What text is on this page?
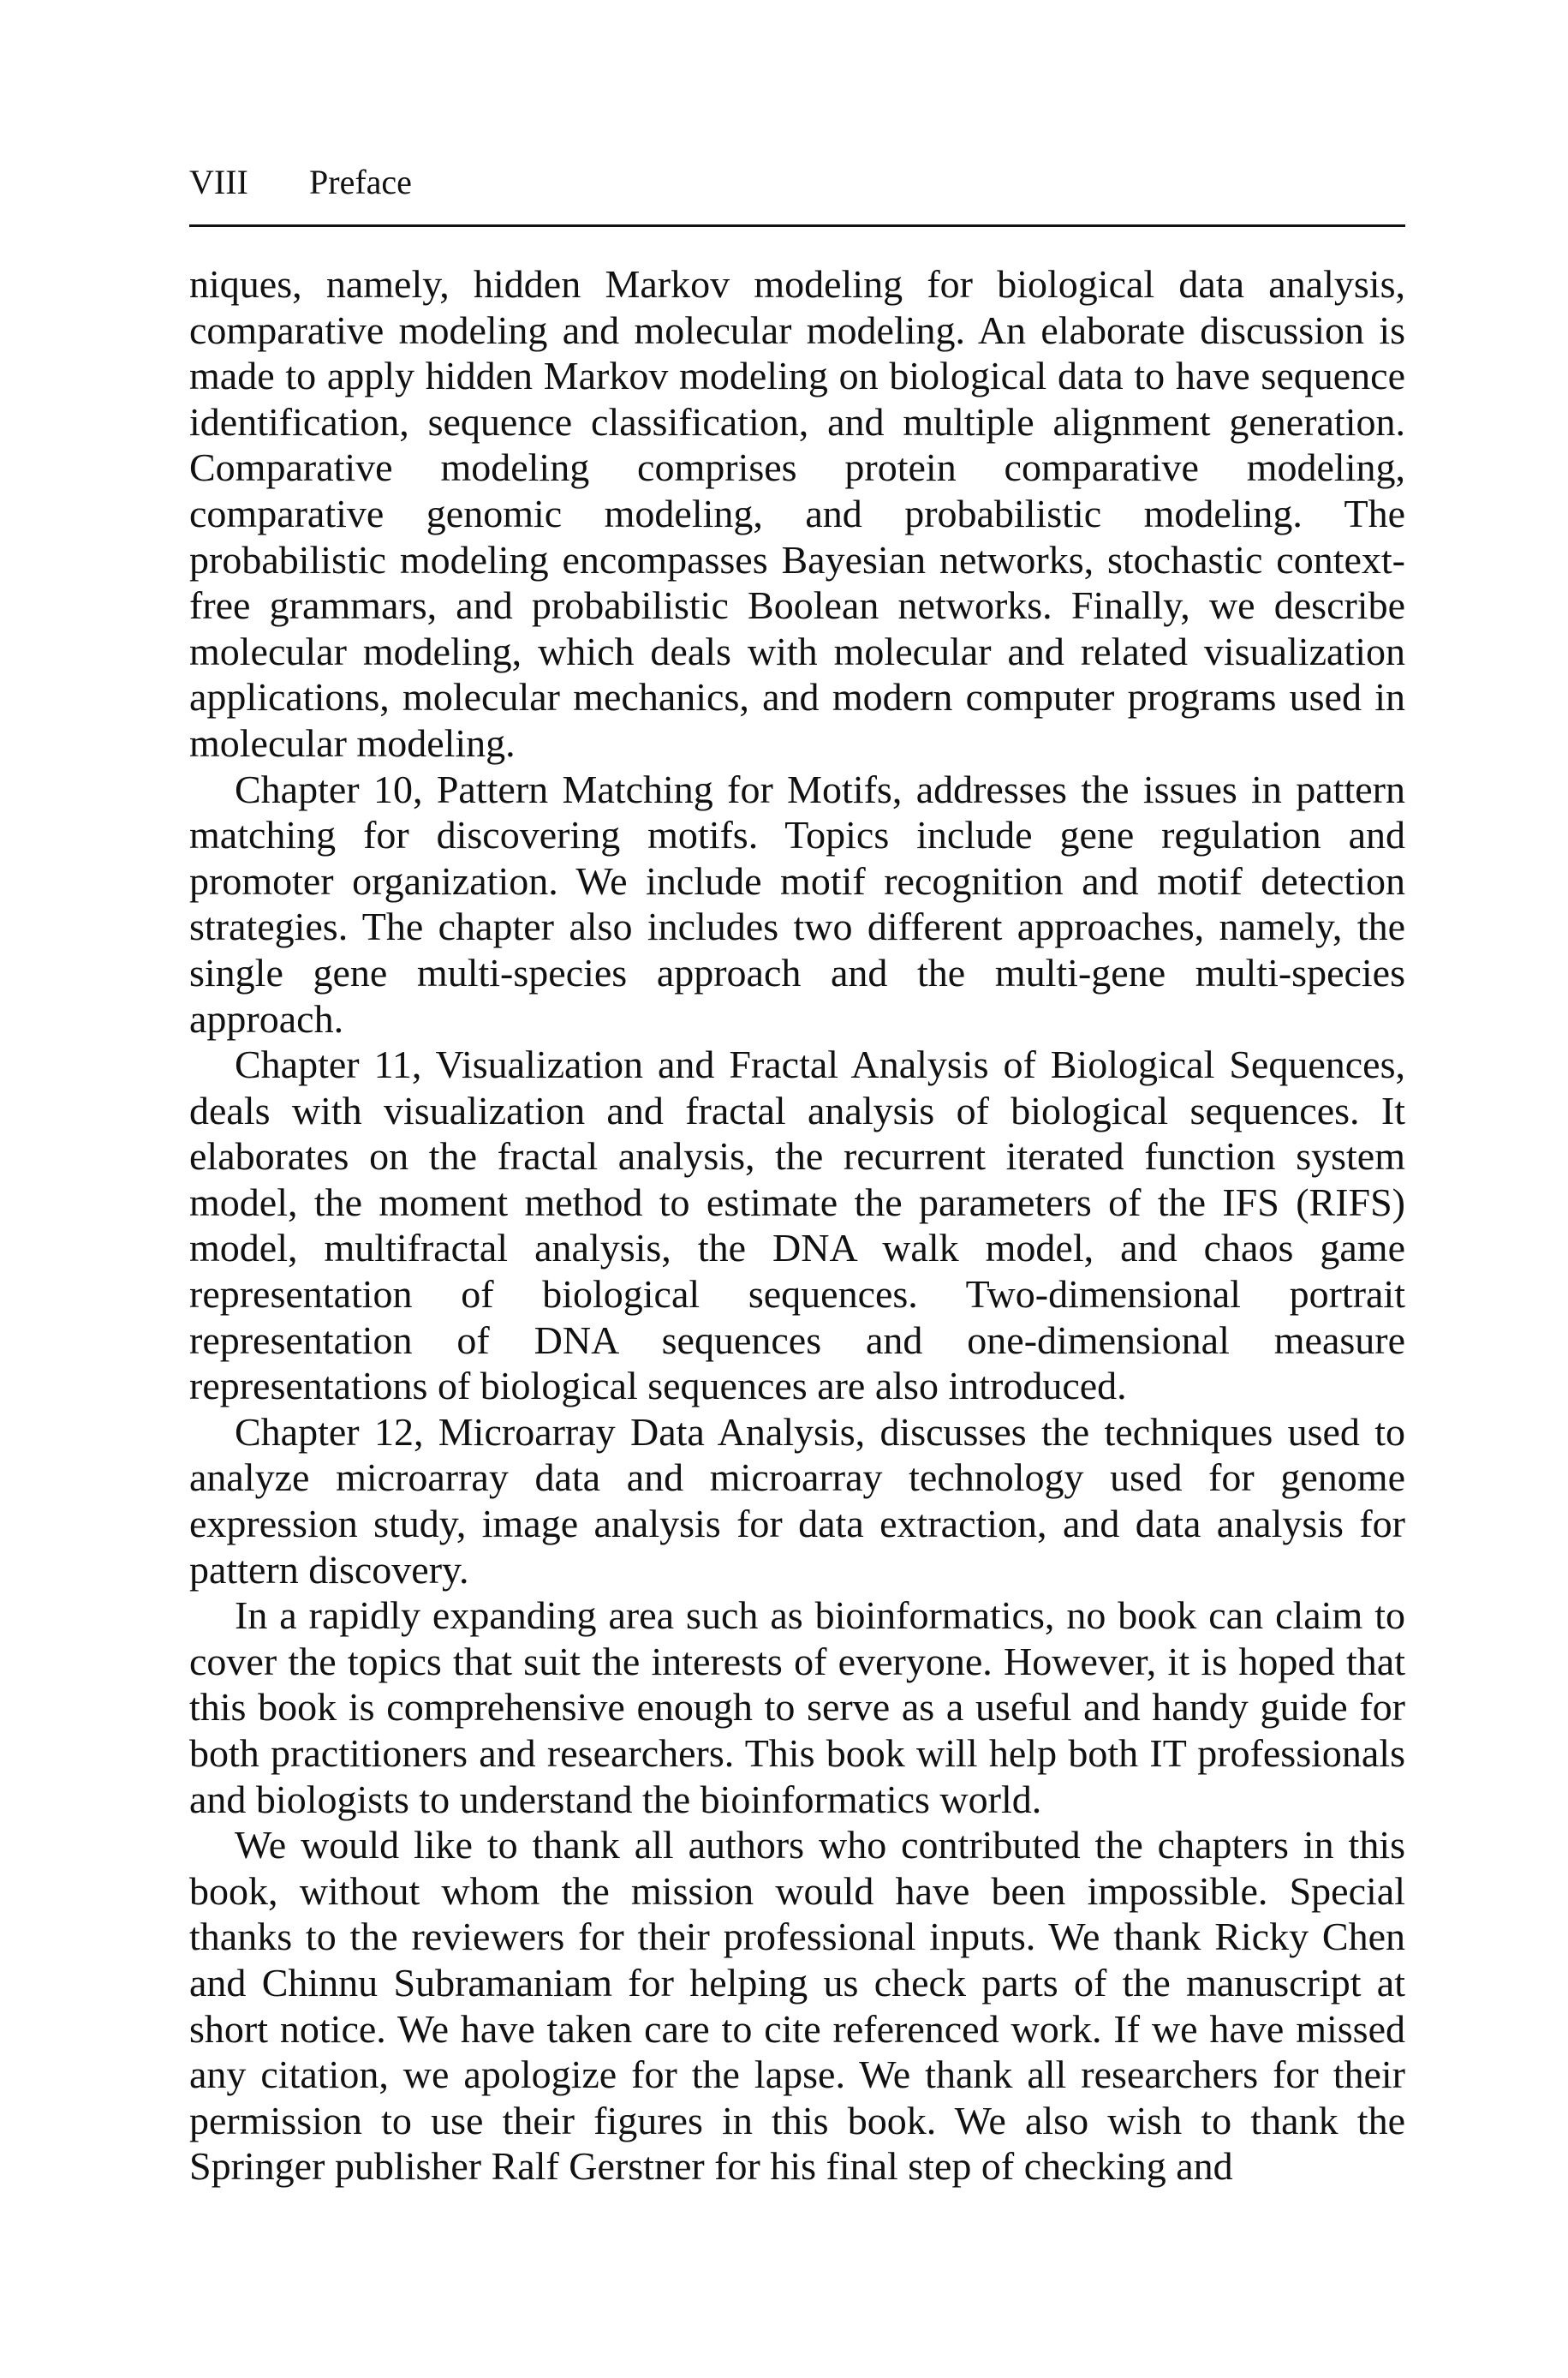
VIII Preface

niques, namely, hidden Markov modeling for biological data analysis, comparative modeling and molecular modeling. An elaborate discussion is made to apply hidden Markov modeling on biological data to have sequence identification, sequence classification, and multiple alignment generation. Comparative modeling comprises protein comparative modeling, comparative genomic modeling, and probabilistic modeling. The probabilistic modeling encompasses Bayesian networks, stochastic context-free grammars, and probabilistic Boolean networks. Finally, we describe molecular modeling, which deals with molecular and related visualization applications, molecular mechanics, and modern computer programs used in molecular modeling.

Chapter 10, Pattern Matching for Motifs, addresses the issues in pattern matching for discovering motifs. Topics include gene regulation and promoter organization. We include motif recognition and motif detection strategies. The chapter also includes two different approaches, namely, the single gene multi-species approach and the multi-gene multi-species approach.

Chapter 11, Visualization and Fractal Analysis of Biological Sequences, deals with visualization and fractal analysis of biological sequences. It elaborates on the fractal analysis, the recurrent iterated function system model, the moment method to estimate the parameters of the IFS (RIFS) model, multifractal analysis, the DNA walk model, and chaos game representation of biological sequences. Two-dimensional portrait representation of DNA sequences and one-dimensional measure representations of biological sequences are also introduced.

Chapter 12, Microarray Data Analysis, discusses the techniques used to analyze microarray data and microarray technology used for genome expression study, image analysis for data extraction, and data analysis for pattern discovery.

In a rapidly expanding area such as bioinformatics, no book can claim to cover the topics that suit the interests of everyone. However, it is hoped that this book is comprehensive enough to serve as a useful and handy guide for both practitioners and researchers. This book will help both IT professionals and biologists to understand the bioinformatics world.

We would like to thank all authors who contributed the chapters in this book, without whom the mission would have been impossible. Special thanks to the reviewers for their professional inputs. We thank Ricky Chen and Chinnu Subramaniam for helping us check parts of the manuscript at short notice. We have taken care to cite referenced work. If we have missed any citation, we apologize for the lapse. We thank all researchers for their permission to use their figures in this book. We also wish to thank the Springer publisher Ralf Gerstner for his final step of checking and
